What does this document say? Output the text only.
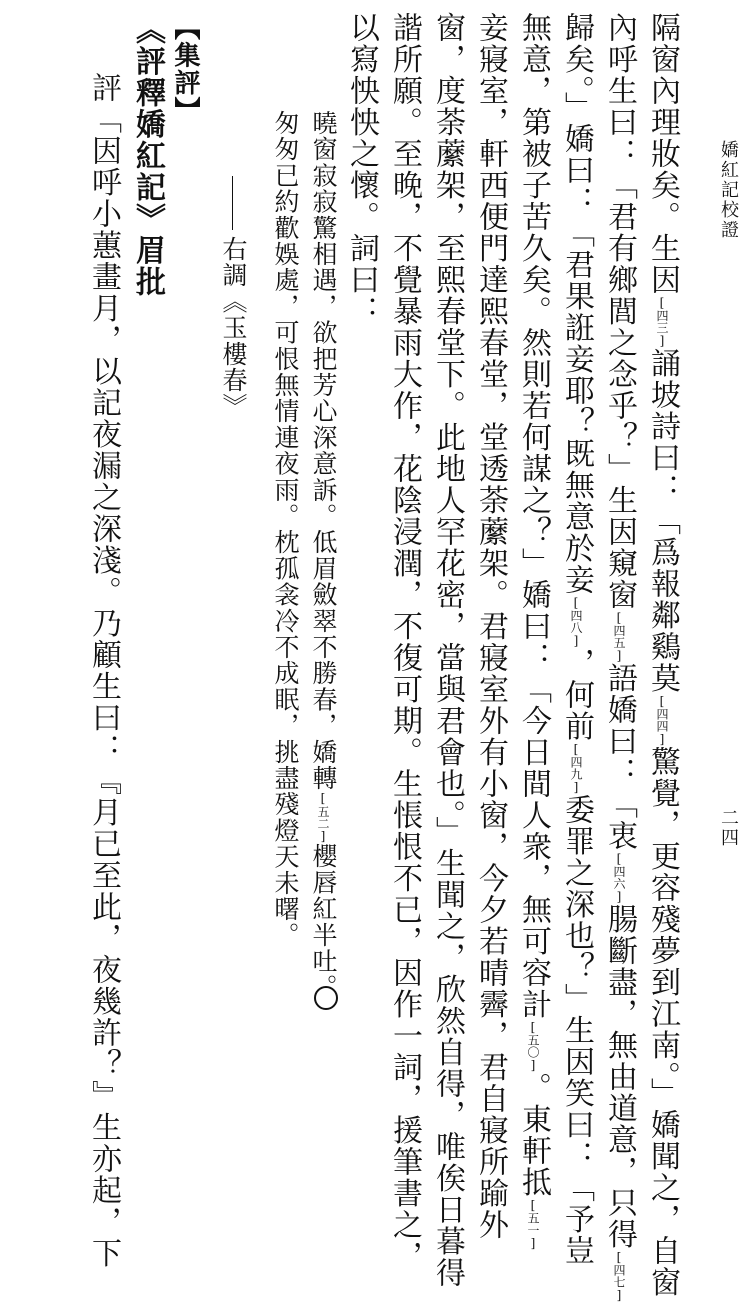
嬌紅記校證
二四
隔窗內理妝矣。生因[四三]誦坡詩曰：「爲報鄰鷄莫[四四]驚覺，更容殘夢到江南。」嬌聞之，自窗
內呼生曰：「君有鄉閭之念乎？」生因窺窗[四五]語嬌曰：「衷[四六]腸斷盡，無由道意，只得[四七]
歸矣。」嬌曰：「君果誑妾耶？既無意於妾[四八]，何前[四九]委罪之深也？」生因笑曰：「予豈
無意，第被子苦久矣。然則若何謀之？」嬌曰：「今日間人衆，無可容計[五〇]。東軒抵[五一]
妾寢室，軒西便門達熙春堂，堂透荼䕷架。君寢室外有小窗，今夕若晴霽，君自寢所踰外
窗，度荼䕷架，至熙春堂下。此地人罕花密，當與君會也。」生聞之，欣然自得，唯俟日暮得
諧所願。至晚，不覺暴雨大作，花陰浸潤，不復可期。生悵恨不已，因作一詞，援筆書之，
以寫怏怏之懷。詞曰：
曉窗寂寂驚相遇，欲把芳心深意訴。低眉斂翠不勝春，嬌轉[五二]櫻唇紅半吐。
匆匆已約歡娛處，可恨無情連夜雨。枕孤衾冷不成眠，挑盡殘燈天未曙。
右調《玉樓春》
【集評】
《評釋嬌紅記》眉批
評「因呼小蕙畫月，以記夜漏之深淺。乃顧生曰：『月已至此，夜幾許？』生亦起，下
